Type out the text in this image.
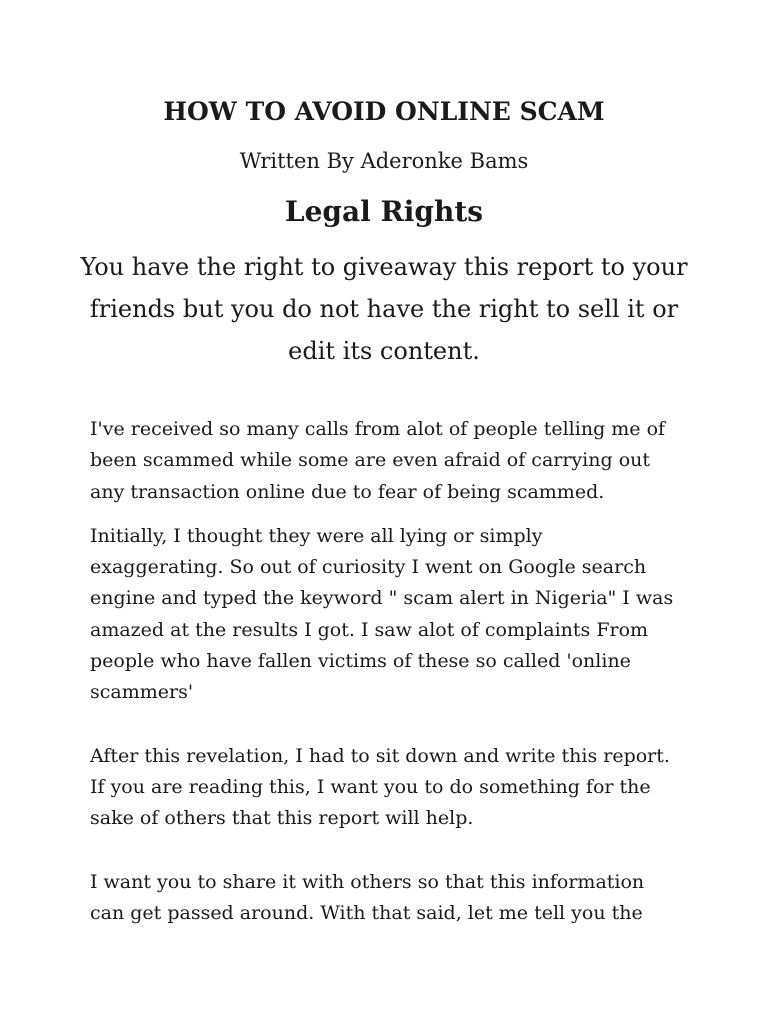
HOW TO AVOID ONLINE SCAM

Written By Aderonke Bams

Legal Rights

You have the right to giveaway this report to your friends but you do not have the right to sell it or edit its content.

I've received so many calls from alot of people telling me of been scammed while some are even afraid of carrying out any transaction online due to fear of being scammed.

Initially, I thought they were all lying or simply exaggerating. So out of curiosity I went on Google search engine and typed the keyword " scam alert in Nigeria" I was amazed at the results I got. I saw alot of complaints From people who have fallen victims of these so called 'online scammers'

After this revelation, I had to sit down and write this report. If you are reading this, I want you to do something for the sake of others that this report will help.

I want you to share it with others so that this information can get passed around. With that said, let me tell you the
